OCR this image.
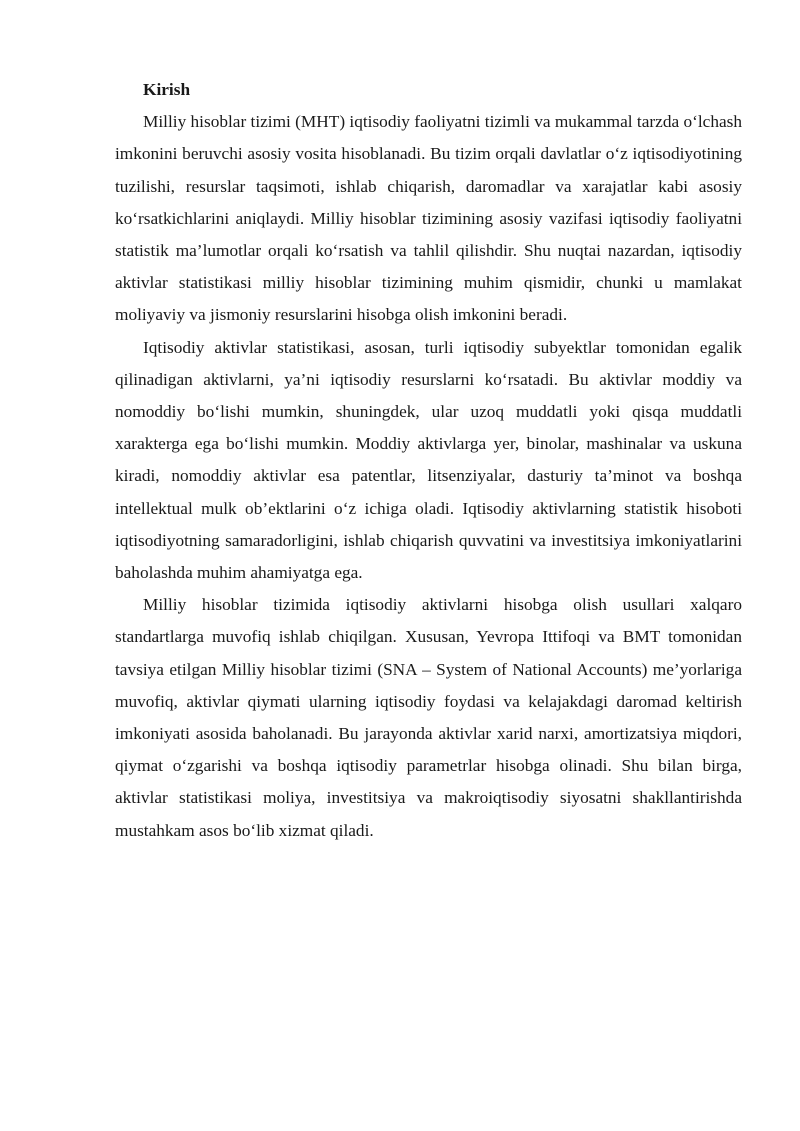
Kirish

Milliy hisoblar tizimi (MHT) iqtisodiy faoliyatni tizimli va mukammal tarzda o‘lchash imkonini beruvchi asosiy vosita hisoblanadi. Bu tizim orqali davlatlar o‘z iqtisodiyotining tuzilishi, resurslar taqsimoti, ishlab chiqarish, daromadlar va xarajatlar kabi asosiy ko‘rsatkichlarini aniqlaydi. Milliy hisoblar tizimining asosiy vazifasi iqtisodiy faoliyatni statistik ma’lumotlar orqali ko‘rsatish va tahlil qilishdir. Shu nuqtai nazardan, iqtisodiy aktivlar statistikasi milliy hisoblar tizimining muhim qismidir, chunki u mamlakat moliyaviy va jismoniy resurslarini hisobga olish imkonini beradi.

Iqtisodiy aktivlar statistikasi, asosan, turli iqtisodiy subyektlar tomonidan egalik qilinadigan aktivlarni, ya’ni iqtisodiy resurslarni ko‘rsatadi. Bu aktivlar moddiy va nomoddiy bo‘lishi mumkin, shuningdek, ular uzoq muddatli yoki qisqa muddatli xarakterga ega bo‘lishi mumkin. Moddiy aktivlarga yer, binolar, mashinalar va uskuna kiradi, nomoddiy aktivlar esa patentlar, litsenziyalar, dasturiy ta’minot va boshqa intellektual mulk ob’ektlarini o‘z ichiga oladi. Iqtisodiy aktivlarning statistik hisoboti iqtisodiyotning samaradorligini, ishlab chiqarish quvvatini va investitsiya imkoniyatlarini baholashda muhim ahamiyatga ega.

Milliy hisoblar tizimida iqtisodiy aktivlarni hisobga olish usullari xalqaro standartlarga muvofiq ishlab chiqilgan. Xususan, Yevropa Ittifoqi va BMT tomonidan tavsiya etilgan Milliy hisoblar tizimi (SNA – System of National Accounts) me’yorlariga muvofiq, aktivlar qiymati ularning iqtisodiy foydasi va kelajakdagi daromad keltirish imkoniyati asosida baholanadi. Bu jarayonda aktivlar xarid narxi, amortizatsiya miqdori, qiymat o‘zgarishi va boshqa iqtisodiy parametrlar hisobga olinadi. Shu bilan birga, aktivlar statistikasi moliya, investitsiya va makroiqtisodiy siyosatni shakllantirishda mustahkam asos bo‘lib xizmat qiladi.
